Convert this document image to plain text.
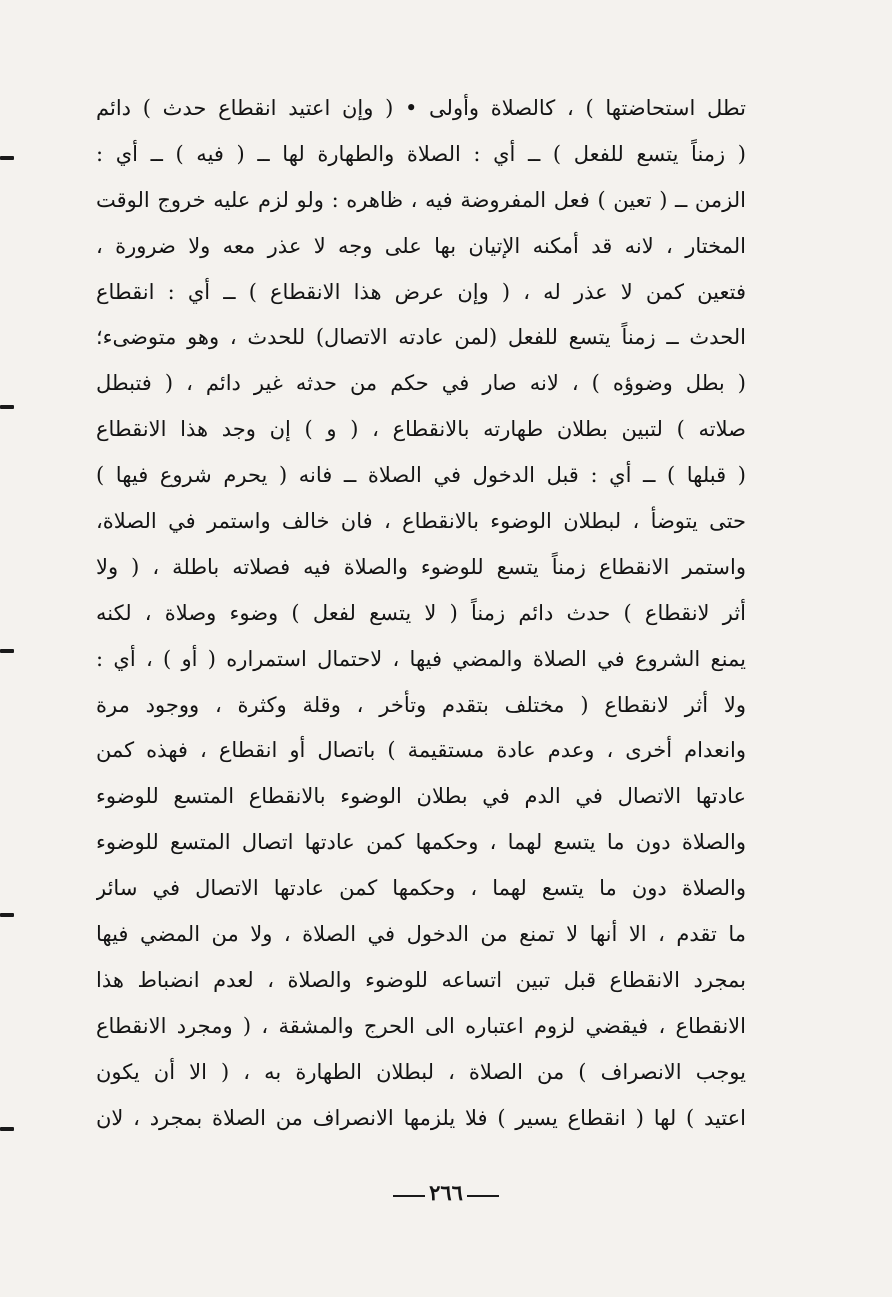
تطل استحاضتها ) ، كالصلاة وأولى • ( وإن اعتيد انقطاع حدث ) دائم
( زمناً يتسع للفعل ) ــ أي : الصلاة والطهارة لها ــ ( فيه ) ــ أي :
الزمن ــ ( تعين ) فعل المفروضة فيه ، ظاهره : ولو لزم عليه خروج الوقت
المختار ، لانه قد أمكنه الإتيان بها على وجه لا عذر معه ولا ضرورة ،
فتعين كمن لا عذر له ، ( وإن عرض هذا الانقطاع ) ــ أي : انقطاع
الحدث ــ زمناً يتسع للفعل (لمن عادته الاتصال) للحدث ، وهو متوضىء؛
( بطل وضوؤه ) ، لانه صار في حكم من حدثه غير دائم ، ( فتبطل
صلاته ) لتبين بطلان طهارته بالانقطاع ، ( و ) إن وجد هذا الانقطاع
( قبلها ) ــ أي : قبل الدخول في الصلاة ــ فانه ( يحرم شروع فيها )
حتى يتوضأ ، لبطلان الوضوء بالانقطاع ، فان خالف واستمر في الصلاة،
واستمر الانقطاع زمناً يتسع للوضوء والصلاة فيه فصلاته باطلة ، ( ولا
أثر لانقطاع ) حدث دائم زمناً ( لا يتسع لفعل ) وضوء وصلاة ، لكنه
يمنع الشروع في الصلاة والمضي فيها ، لاحتمال استمراره ( أو ) ، أي :
ولا أثر لانقطاع ( مختلف بتقدم وتأخر ، وقلة وكثرة ، ووجود مرة
وانعدام أخرى ، وعدم عادة مستقيمة ) باتصال أو انقطاع ، فهذه كمن
عادتها الاتصال في الدم في بطلان الوضوء بالانقطاع المتسع للوضوء
والصلاة دون ما يتسع لهما ، وحكمها كمن عادتها اتصال المتسع للوضوء
والصلاة دون ما يتسع لهما ، وحكمها كمن عادتها الاتصال في سائر
ما تقدم ، الا أنها لا تمنع من الدخول في الصلاة ، ولا من المضي فيها
بمجرد الانقطاع قبل تبين اتساعه للوضوء والصلاة ، لعدم انضباط هذا
الانقطاع ، فيقضي لزوم اعتباره الى الحرج والمشقة ، ( ومجرد الانقطاع
يوجب الانصراف ) من الصلاة ، لبطلان الطهارة به ، ( الا أن يكون
اعتيد ) لها ( انقطاع يسير ) فلا يلزمها الانصراف من الصلاة بمجرد ، لان
٢٦٦
